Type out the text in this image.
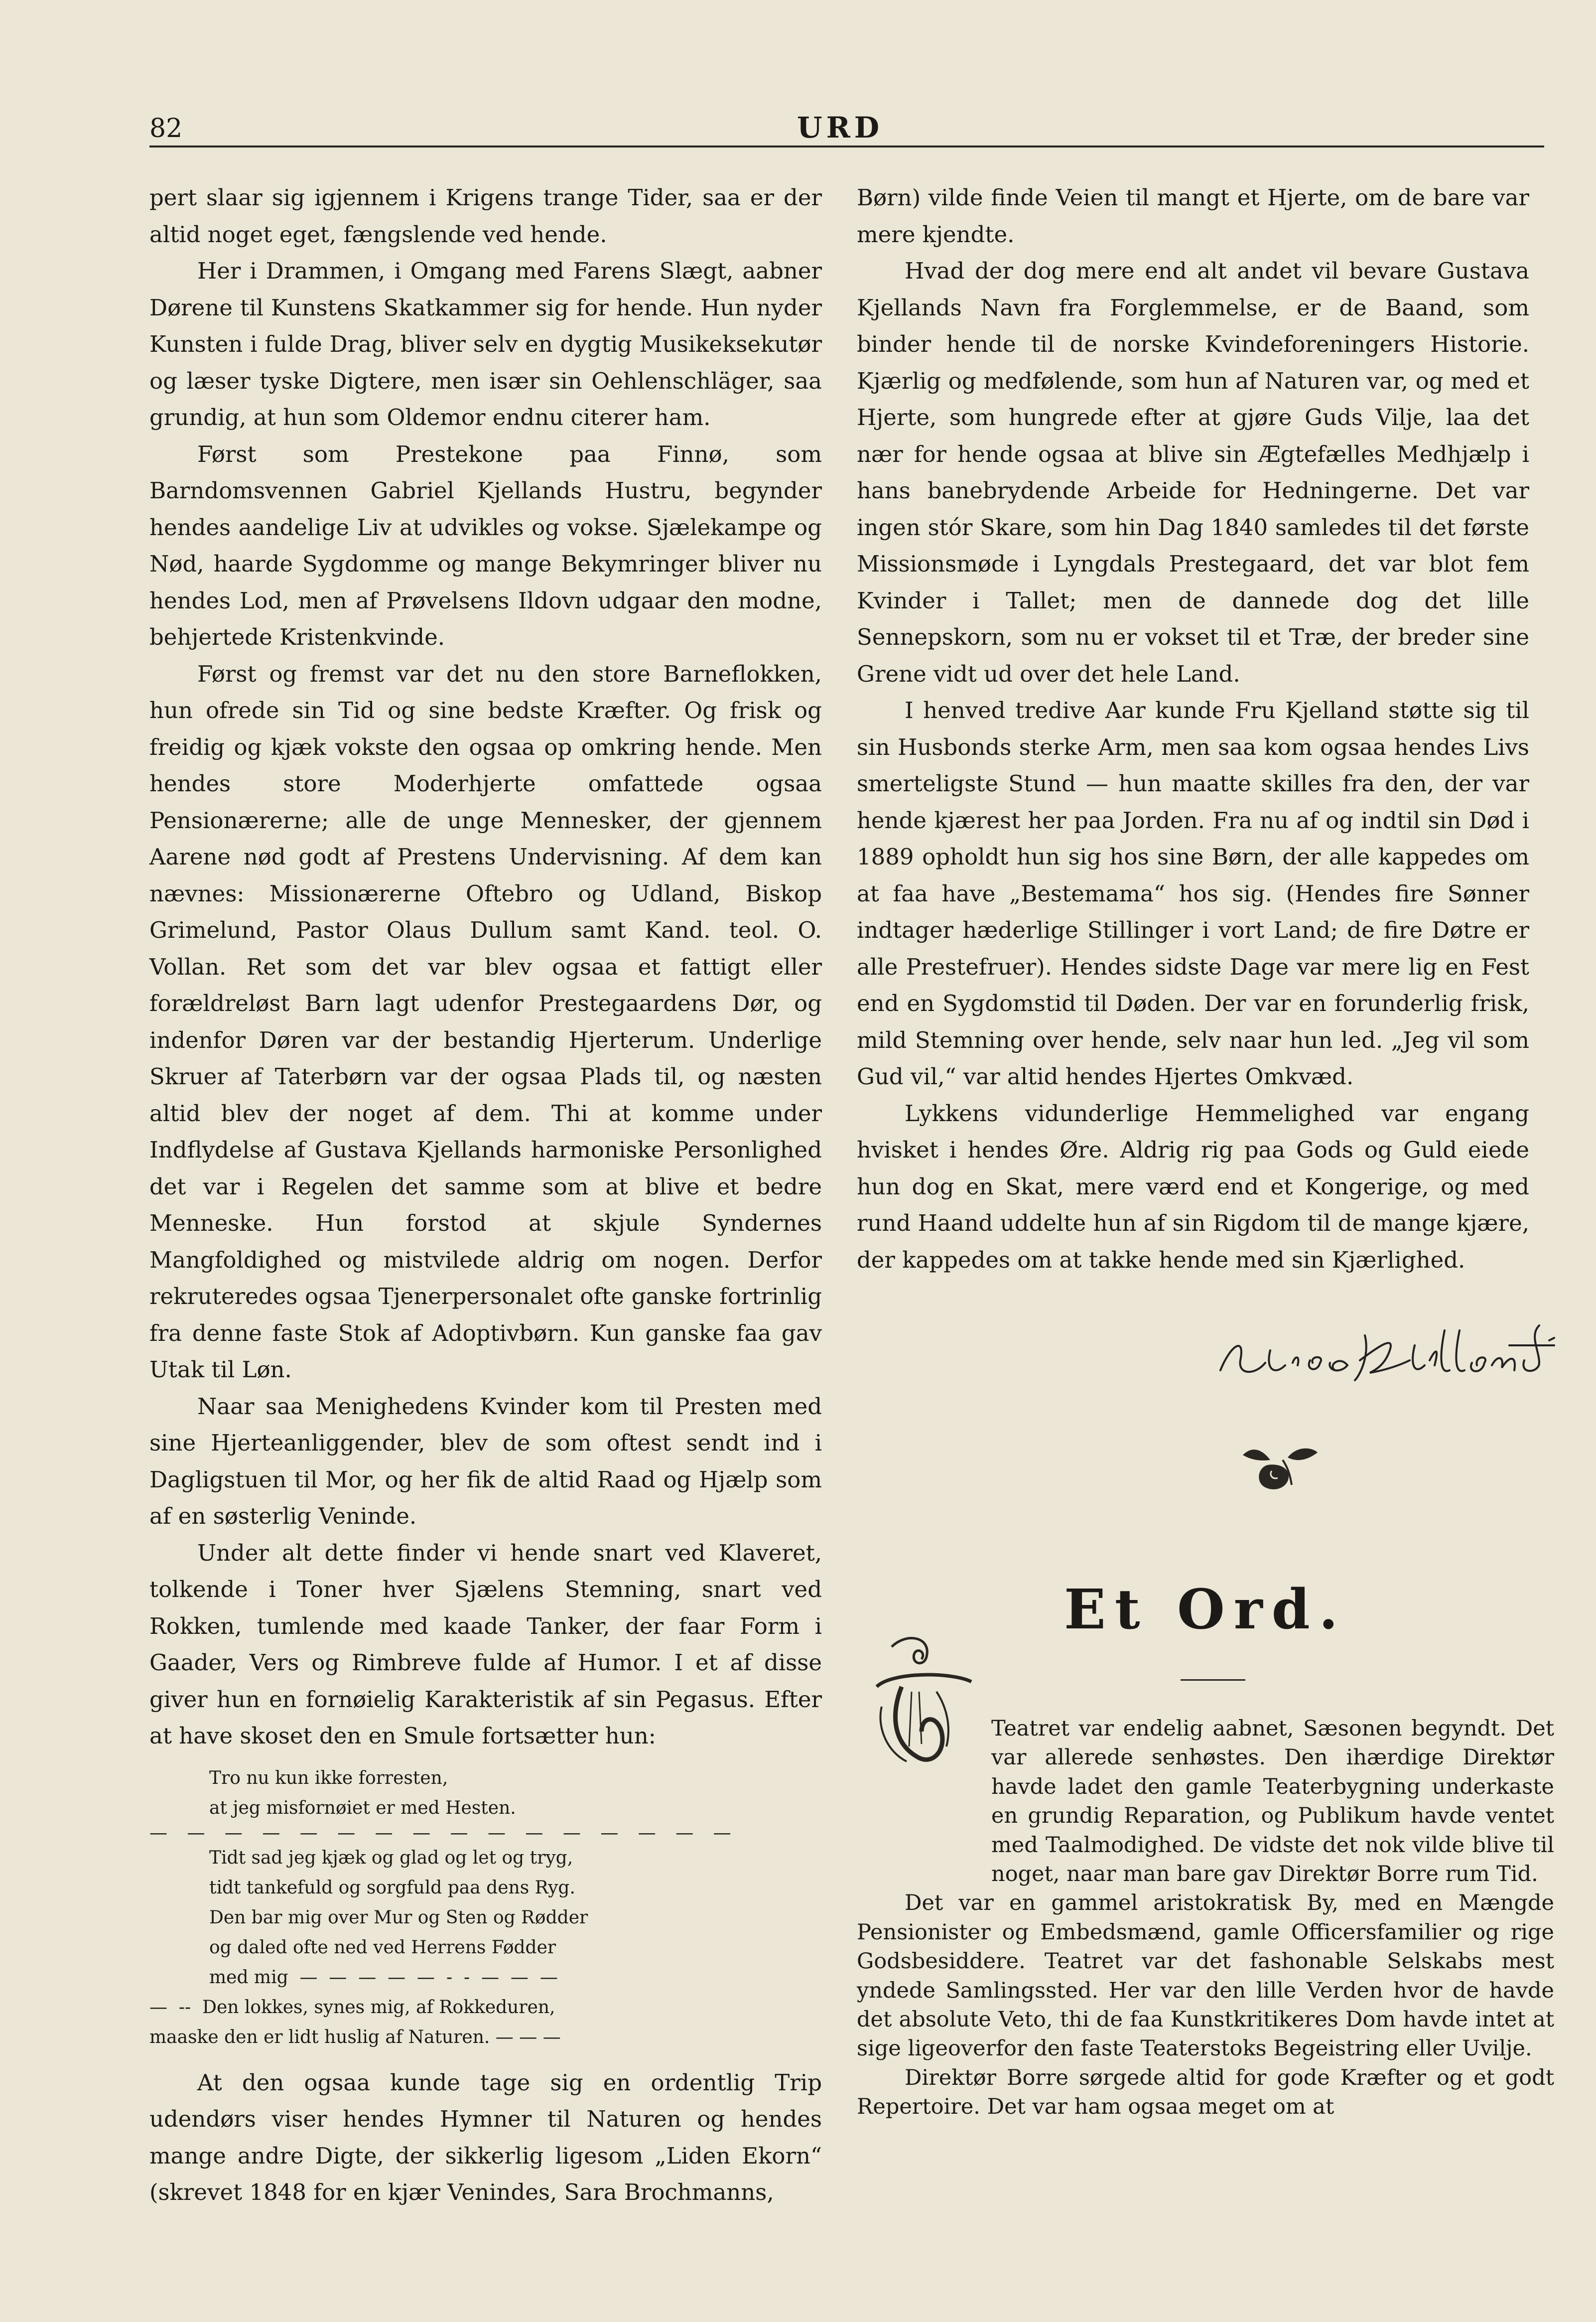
82	URD

pert slaar sig igjennem i Krigens trange Tider, saa er der altid noget eget, fængslende ved hende.

Her i Drammen, i Omgang med Farens Slægt, aabner Dørene til Kunstens Skatkammer sig for hende. Hun nyder Kunsten i fulde Drag, bliver selv en dygtig Musikeksekutør og læser tyske Digtere, men især sin Oehlenschläger, saa grundig, at hun som Oldemor endnu citerer ham.

Først som Prestekone paa Finnø, som Barndomsvennen Gabriel Kjellands Hustru, begynder hendes aandelige Liv at udvikles og vokse. Sjælekampe og Nød, haarde Sygdomme og mange Bekymringer bliver nu hendes Lod, men af Prøvelsens Ildovn udgaar den modne, behjertede Kristenkvinde.

Først og fremst var det nu den store Barneflokken, hun ofrede sin Tid og sine bedste Kræfter. Og frisk og freidig og kjæk vokste den ogsaa op omkring hende. Men hendes store Moderhjerte omfattede ogsaa Pensionærerne; alle de unge Mennesker, der gjennem Aarene nød godt af Prestens Undervisning. Af dem kan nævnes: Missionærerne Oftebro og Udland, Biskop Grimelund, Pastor Olaus Dullum samt Kand. teol. O. Vollan. Ret som det var blev ogsaa et fattigt eller forældreløst Barn lagt udenfor Prestegaardens Dør, og indenfor Døren var der bestandig Hjerterum. Underlige Skruer af Taterbørn var der ogsaa Plads til, og næsten altid blev der noget af dem. Thi at komme under Indflydelse af Gustava Kjellands harmoniske Personlighed det var i Regelen det samme som at blive et bedre Menneske. Hun forstod at skjule Syndernes Mangfoldighed og mistvilede aldrig om nogen. Derfor rekruteredes ogsaa Tjenerpersonalet ofte ganske fortrinlig fra denne faste Stok af Adoptivbørn. Kun ganske faa gav Utak til Løn.

Naar saa Menighedens Kvinder kom til Presten med sine Hjerteanliggender, blev de som oftest sendt ind i Dagligstuen til Mor, og her fik de altid Raad og Hjælp som af en søsterlig Veninde.

Under alt dette finder vi hende snart ved Klaveret, tolkende i Toner hver Sjælens Stemning, snart ved Rokken, tumlende med kaade Tanker, der faar Form i Gaader, Vers og Rimbreve fulde af Humor. I et af disse giver hun en fornøielig Karakteristik af sin Pegasus. Efter at have skoset den en Smule fortsætter hun:

Tro nu kun ikke forresten,
at jeg misfornøiet er med Hesten.
— — — — — — — — — — — — — — — —
Tidt sad jeg kjæk og glad og let og tryg,
tidt tankefuld og sorgfuld paa dens Ryg.
Den bar mig over Mur og Sten og Rødder
og daled ofte ned ved Herrens Fødder
med mig  —  —  —  —  —  -  -  —  —  —
—  --  Den lokkes, synes mig, af Rokkeduren,
maaske den er lidt huslig af Naturen. — — —

At den ogsaa kunde tage sig en ordentlig Trip udendørs viser hendes Hymner til Naturen og hendes mange andre Digte, der sikkerlig ligesom „Liden Ekorn“ (skrevet 1848 for en kjær Venindes, Sara Brochmanns,

Børn) vilde finde Veien til mangt et Hjerte, om de bare var mere kjendte.

Hvad der dog mere end alt andet vil bevare Gustava Kjellands Navn fra Forglemmelse, er de Baand, som binder hende til de norske Kvindeforeningers Historie. Kjærlig og medfølende, som hun af Naturen var, og med et Hjerte, som hungrede efter at gjøre Guds Vilje, laa det nær for hende ogsaa at blive sin Ægtefælles Medhjælp i hans banebrydende Arbeide for Hedningerne. Det var ingen stór Skare, som hin Dag 1840 samledes til det første Missionsmøde i Lyngdals Prestegaard, det var blot fem Kvinder i Tallet; men de dannede dog det lille Sennepskorn, som nu er vokset til et Træ, der breder sine Grene vidt ud over det hele Land.

I henved tredive Aar kunde Fru Kjelland støtte sig til sin Husbonds sterke Arm, men saa kom ogsaa hendes Livs smerteligste Stund — hun maatte skilles fra den, der var hende kjærest her paa Jorden. Fra nu af og indtil sin Død i 1889 opholdt hun sig hos sine Børn, der alle kappedes om at faa have „Bestemama“ hos sig. (Hendes fire Sønner indtager hæderlige Stillinger i vort Land; de fire Døtre er alle Prestefruer). Hendes sidste Dage var mere lig en Fest end en Sygdomstid til Døden. Der var en forunderlig frisk, mild Stemning over hende, selv naar hun led. „Jeg vil som Gud vil,“ var altid hendes Hjertes Omkvæd.

Lykkens vidunderlige Hemmelighed var engang hvisket i hendes Øre. Aldrig rig paa Gods og Guld eiede hun dog en Skat, mere værd end et Kongerige, og med rund Haand uddelte hun af sin Rigdom til de mange kjære, der kappedes om at takke hende med sin Kjærlighed.

Et Ord.

Teatret var endelig aabnet, Sæsonen begyndt. Det var allerede senhøstes. Den ihærdige Direktør havde ladet den gamle Teaterbygning underkaste en grundig Reparation, og Publikum havde ventet med Taalmodighed. De vidste det nok vilde blive til noget, naar man bare gav Direktør Borre rum Tid.

Det var en gammel aristokratisk By, med en Mængde Pensionister og Embedsmænd, gamle Officersfamilier og rige Godsbesiddere. Teatret var det fashonable Selskabs mest yndede Samlingssted. Her var den lille Verden hvor de havde det absolute Veto, thi de faa Kunstkritikeres Dom havde intet at sige ligeoverfor den faste Teaterstoks Begeistring eller Uvilje.

Direktør Borre sørgede altid for gode Kræfter og et godt Repertoire. Det var ham ogsaa meget om at
